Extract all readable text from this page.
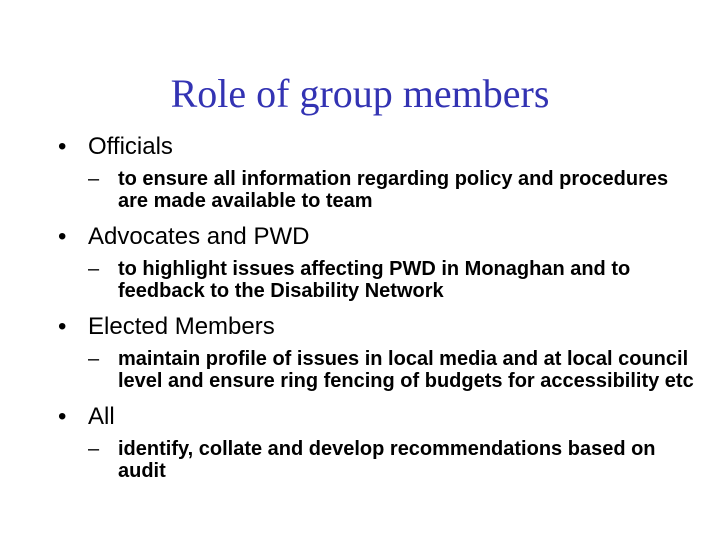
Role of group members
• Officials
– to ensure all information regarding policy and procedures are made available to team
• Advocates and PWD
– to highlight issues affecting PWD in Monaghan and to feedback to the Disability Network
• Elected Members
– maintain profile of issues in local media and at local council level and ensure ring fencing of budgets for accessibility etc
• All
– identify, collate and develop recommendations based on audit
